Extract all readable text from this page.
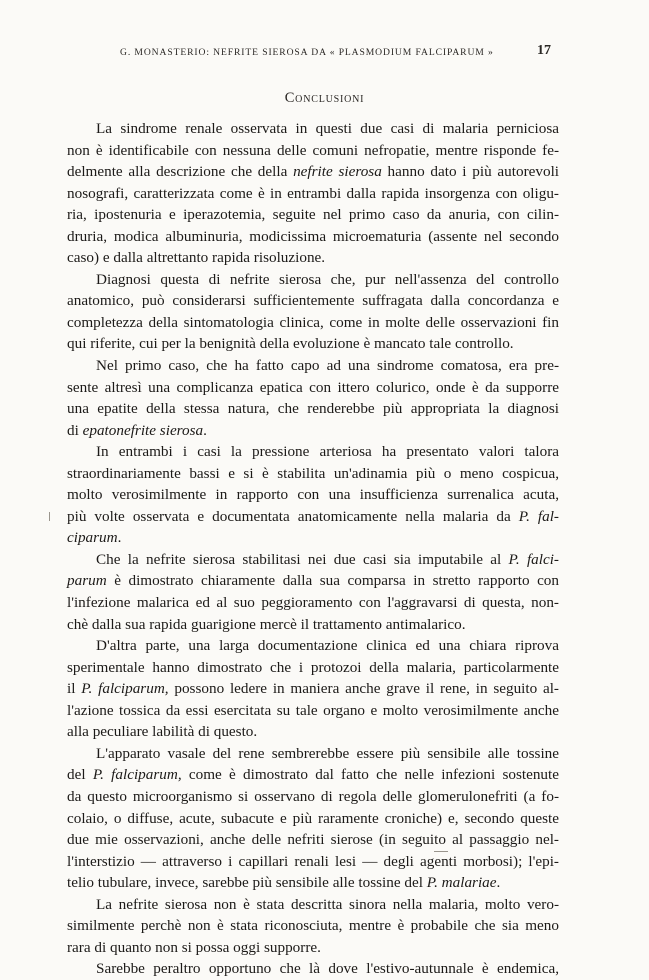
G. MONASTERIO: NEFRITE SIEROSA DA « PLASMODIUM FALCIPARUM »	17
Conclusioni
La sindrome renale osservata in questi due casi di malaria perniciosa
non è identificabile con nessuna delle comuni nefropatie, mentre risponde fe-
delmente alla descrizione che della nefrite sierosa hanno dato i più autorevoli
nosografi, caratterizzata come è in entrambi dalla rapida insorgenza con oligu-
ria, ipostenuria e iperazotemia, seguite nel primo caso da anuria, con cilin-
druria, modica albuminuria, modicissima microematuria (assente nel secondo
caso) e dalla altrettanto rapida risoluzione.
Diagnosi questa di nefrite sierosa che, pur nell'assenza del controllo
anatomico, può considerarsi sufficientemente suffragata dalla concordanza e
completezza della sintomatologia clinica, come in molte delle osservazioni fin
qui riferite, cui per la benignità della evoluzione è mancato tale controllo.
Nel primo caso, che ha fatto capo ad una sindrome comatosa, era pre-
sente altresì una complicanza epatica con ittero colurico, onde è da supporre
una epatite della stessa natura, che renderebbe più appropriata la diagnosi
di epatonefrite sierosa.
In entrambi i casi la pressione arteriosa ha presentato valori talora
straordinariamente bassi e si è stabilita un'adinamia più o meno cospicua,
molto verosimilmente in rapporto con una insufficienza surrenalica acuta,
più volte osservata e documentata anatomicamente nella malaria da P. fal-
ciparum.
Che la nefrite sierosa stabilitasi nei due casi sia imputabile al P. falci-
parum è dimostrato chiaramente dalla sua comparsa in stretto rapporto con
l'infezione malarica ed al suo peggioramento con l'aggravarsi di questa, non-
chè dalla sua rapida guarigione mercè il trattamento antimalarico.
D'altra parte, una larga documentazione clinica ed una chiara riprova
sperimentale hanno dimostrato che i protozoi della malaria, particolarmente
il P. falciparum, possono ledere in maniera anche grave il rene, in seguito al-
l'azione tossica da essi esercitata su tale organo e molto verosimilmente anche
alla peculiare labilità di questo.
L'apparato vasale del rene sembrerebbe essere più sensibile alle tossine
del P. falciparum, come è dimostrato dal fatto che nelle infezioni sostenute
da questo microorganismo si osservano di regola delle glomerulonefriti (a fo-
colaio, o diffuse, acute, subacute e più raramente croniche) e, secondo queste
due mie osservazioni, anche delle nefriti sierose (in seguito al passaggio nel-
l'interstizio — attraverso i capillari renali lesi — degli agenti morbosi); l'epi-
telio tubulare, invece, sarebbe più sensibile alle tossine del P. malariae.
La nefrite sierosa non è stata descritta sinora nella malaria, molto vero-
similmente perchè non è stata riconosciuta, mentre è probabile che sia meno
rara di quanto non si possa oggi supporre.
Sarebbe peraltro opportuno che là dove l'estivo-autunnale è endemica,
